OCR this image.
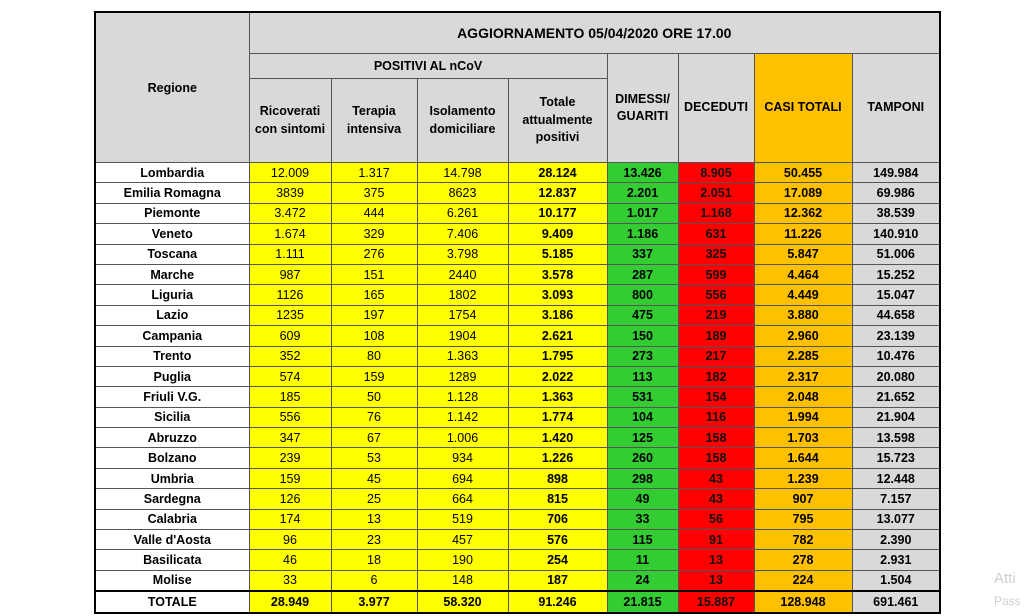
Regione	AGGIORNAMENTO 05/04/2020 ORE 17.00							
	POSITIVI AL nCoV				DIMESSI/ GUARITI	DECEDUTI	CASI TOTALI	TAMPONI
	Ricoverati con sintomi	Terapia intensiva	Isolamento domiciliare	Totale attualmente positivi				
Lombardia	12.009	1.317	14.798	28.124	13.426	8.905	50.455	149.984
Emilia Romagna	3839	375	8623	12.837	2.201	2.051	17.089	69.986
Piemonte	3.472	444	6.261	10.177	1.017	1.168	12.362	38.539
Veneto	1.674	329	7.406	9.409	1.186	631	11.226	140.910
Toscana	1.111	276	3.798	5.185	337	325	5.847	51.006
Marche	987	151	2440	3.578	287	599	4.464	15.252
Liguria	1126	165	1802	3.093	800	556	4.449	15.047
Lazio	1235	197	1754	3.186	475	219	3.880	44.658
Campania	609	108	1904	2.621	150	189	2.960	23.139
Trento	352	80	1.363	1.795	273	217	2.285	10.476
Puglia	574	159	1289	2.022	113	182	2.317	20.080
Friuli V.G.	185	50	1.128	1.363	531	154	2.048	21.652
Sicilia	556	76	1.142	1.774	104	116	1.994	21.904
Abruzzo	347	67	1.006	1.420	125	158	1.703	13.598
Bolzano	239	53	934	1.226	260	158	1.644	15.723
Umbria	159	45	694	898	298	43	1.239	12.448
Sardegna	126	25	664	815	49	43	907	7.157
Calabria	174	13	519	706	33	56	795	13.077
Valle d'Aosta	96	23	457	576	115	91	782	2.390
Basilicata	46	18	190	254	11	13	278	2.931
Molise	33	6	148	187	24	13	224	1.504
TOTALE	28.949	3.977	58.320	91.246	21.815	15.887	128.948	691.461
Atti
Pass
